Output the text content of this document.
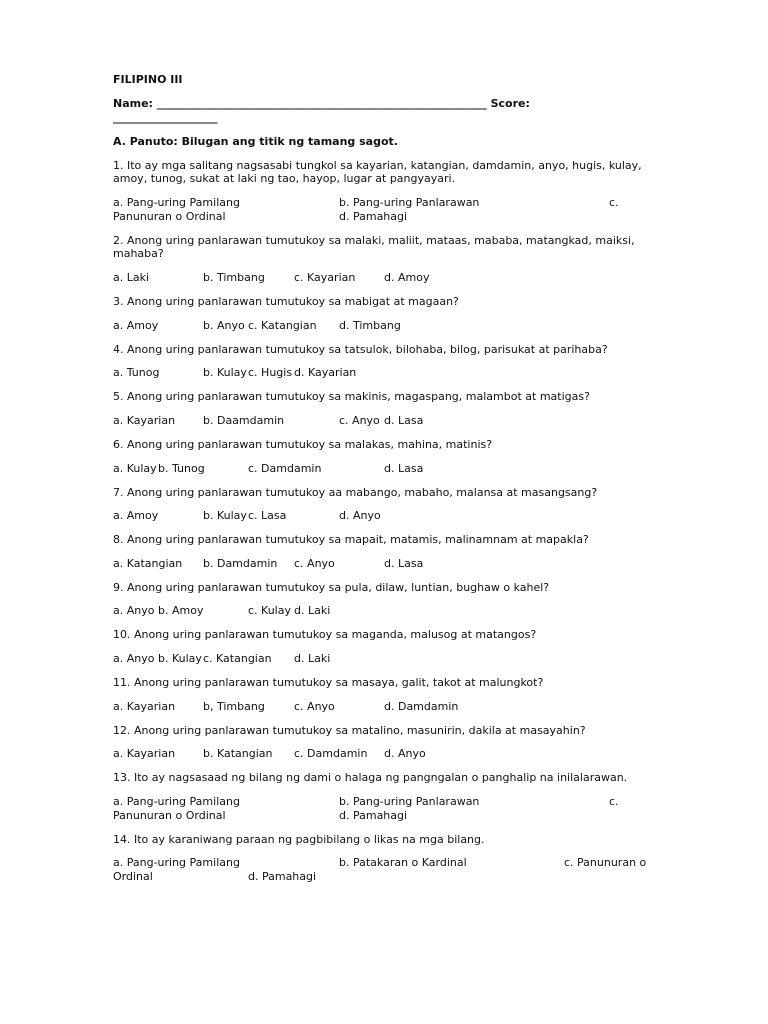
FILIPINO III
Name: ____________________________________________________________ Score:
___________________
A. Panuto: Bilugan ang titik ng tamang sagot.
1. Ito ay mga salitang nagsasabi tungkol sa kayarian, katangian, damdamin, anyo, hugis, kulay,
amoy, tunog, sukat at laki ng tao, hayop, lugar at pangyayari.
a. Pang-uring Pamilang	b. Pang-uring Panlarawan	c.
Panunuran o Ordinal	d. Pamahagi
2. Anong uring panlarawan tumutukoy sa malaki, maliit, mataas, mababa, matangkad, maiksi,
mahaba?
a. Laki	b. Timbang	c. Kayarian	d. Amoy
3. Anong uring panlarawan tumutukoy sa mabigat at magaan?
a. Amoy	b. Anyo c. Katangian d. Timbang
4. Anong uring panlarawan tumutukoy sa tatsulok, bilohaba, bilog, parisukat at parihaba?
a. Tunog	b. Kulay c. Hugis d. Kayarian
5. Anong uring panlarawan tumutukoy sa makinis, magaspang, malambot at matigas?
a. Kayarian	b. Daamdamin	c. Anyo d. Lasa
6. Anong uring panlarawan tumutukoy sa malakas, mahina, matinis?
a. Kulay b. Tunog	c. Damdamin	d. Lasa
7. Anong uring panlarawan tumutukoy aa mabango, mabaho, malansa at masangsang?
a. Amoy	b. Kulay c. Lasa	d. Anyo
8. Anong uring panlarawan tumutukoy sa mapait, matamis, malinamnam at mapakla?
a. Katangian b. Damdamin c. Anyo	d. Lasa
9. Anong uring panlarawan tumutukoy sa pula, dilaw, luntian, bughaw o kahel?
a. Anyo b. Amoy	c. Kulay d. Laki
10. Anong uring panlarawan tumutukoy sa maganda, malusog at matangos?
a. Anyo b. Kulay c. Katangian d. Laki
11. Anong uring panlarawan tumutukoy sa masaya, galit, takot at malungkot?
a. Kayarian	b, Timbang	c. Anyo	d. Damdamin
12. Anong uring panlarawan tumutukoy sa matalino, masunirin, dakila at masayahin?
a. Kayarian	b. Katangian c. Damdamin d. Anyo
13. Ito ay nagsasaad ng bilang ng dami o halaga ng pangngalan o panghalip na inilalarawan.
a. Pang-uring Pamilang	b. Pang-uring Panlarawan	c.
Panunuran o Ordinal	d. Pamahagi
14. Ito ay karaniwang paraan ng pagbibilang o likas na mga bilang.
a. Pang-uring Pamilang	b. Patakaran o Kardinal	c. Panunuran o
Ordinal	d. Pamahagi
